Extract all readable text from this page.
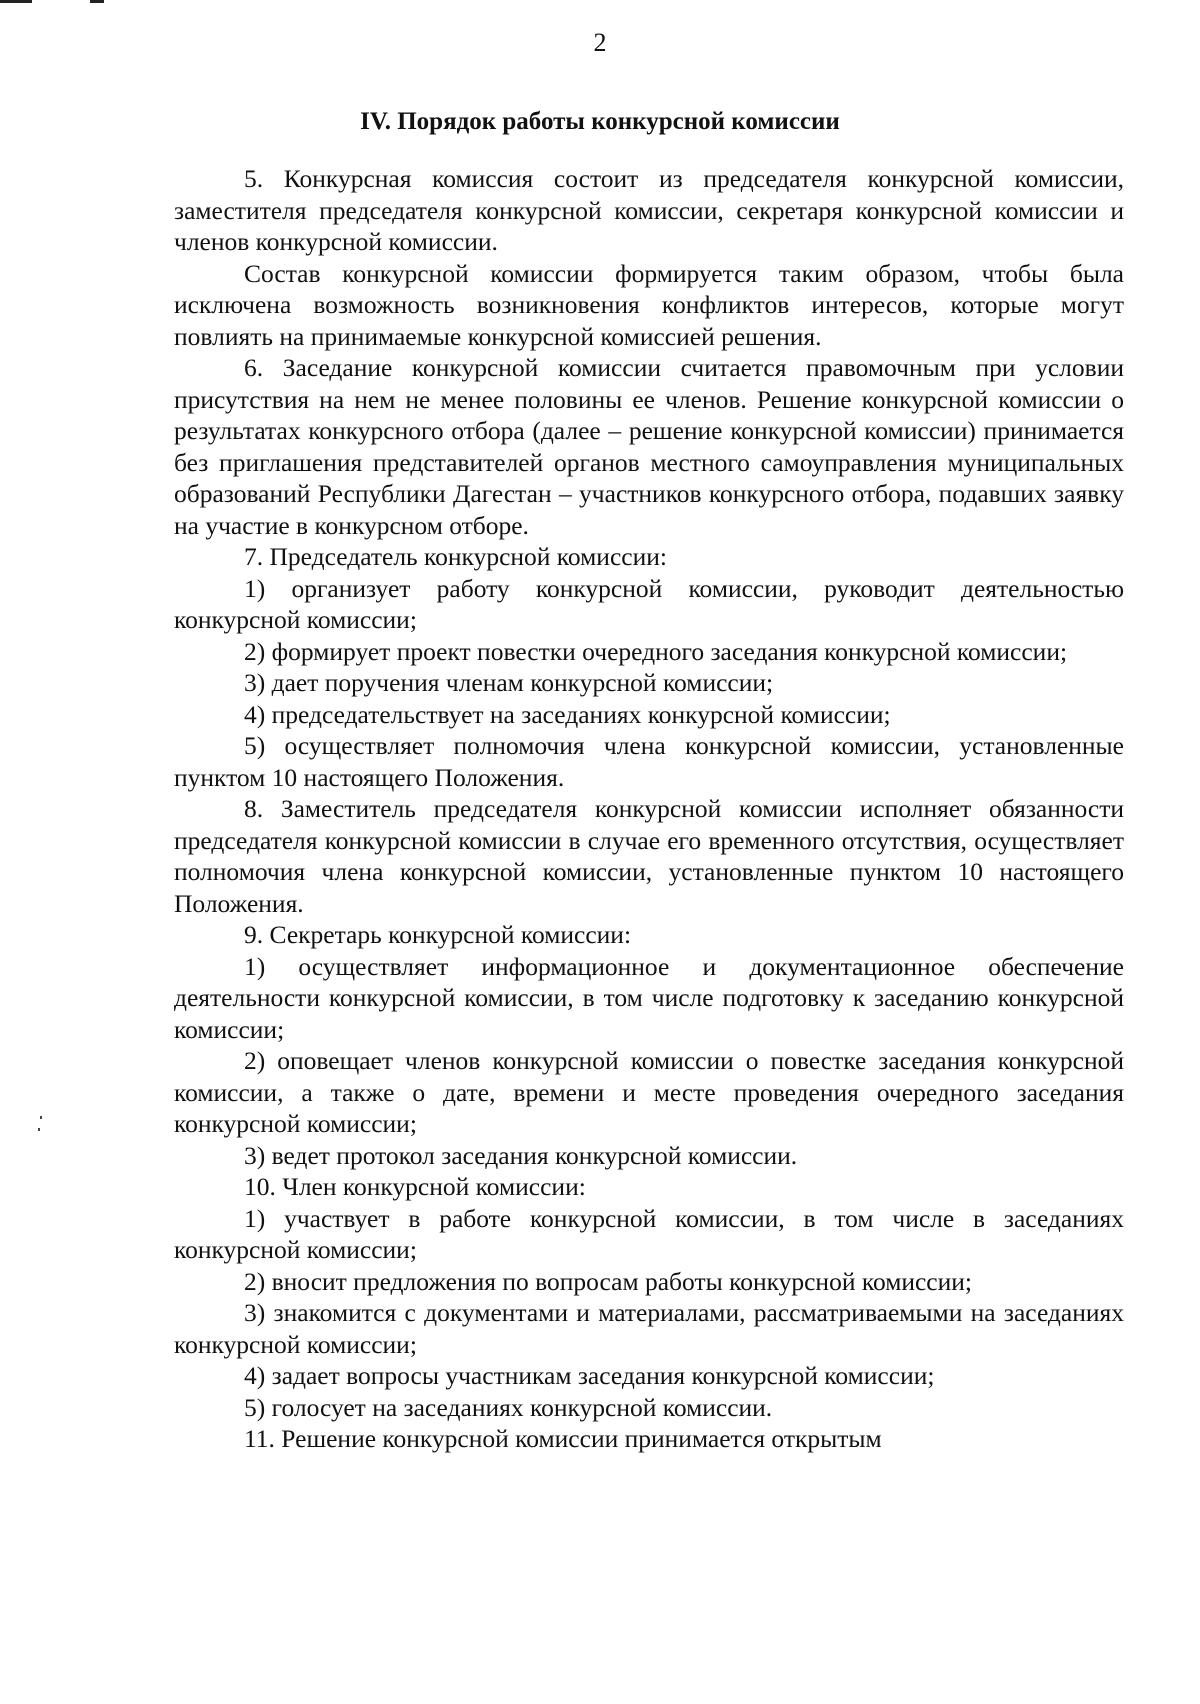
2
IV. Порядок работы конкурсной комиссии

5. Конкурсная комиссия состоит из председателя конкурсной комиссии, заместителя председателя конкурсной комиссии, секретаря конкурсной комиссии и членов конкурсной комиссии.

Состав конкурсной комиссии формируется таким образом, чтобы была исключена возможность возникновения конфликтов интересов, которые могут повлиять на принимаемые конкурсной комиссией решения.

6. Заседание конкурсной комиссии считается правомочным при условии присутствия на нем не менее половины ее членов. Решение конкурсной комиссии о результатах конкурсного отбора (далее – решение конкурсной комиссии) принимается без приглашения представителей органов местного самоуправления муниципальных образований Республики Дагестан – участников конкурсного отбора, подавших заявку на участие в конкурсном отборе.

7. Председатель конкурсной комиссии:

1) организует работу конкурсной комиссии, руководит деятельностью конкурсной комиссии;

2) формирует проект повестки очередного заседания конкурсной комиссии;

3) дает поручения членам конкурсной комиссии;

4) председательствует на заседаниях конкурсной комиссии;

5) осуществляет полномочия члена конкурсной комиссии, установленные пунктом 10 настоящего Положения.

8. Заместитель председателя конкурсной комиссии исполняет обязанности председателя конкурсной комиссии в случае его временного отсутствия, осуществляет полномочия члена конкурсной комиссии, установленные пунктом 10 настоящего Положения.

9. Секретарь конкурсной комиссии:

1) осуществляет информационное и документационное обеспечение деятельности конкурсной комиссии, в том числе подготовку к заседанию конкурсной комиссии;

2) оповещает членов конкурсной комиссии о повестке заседания конкурсной комиссии, а также о дате, времени и месте проведения очередного заседания конкурсной комиссии;

3) ведет протокол заседания конкурсной комиссии.

10. Член конкурсной комиссии:

1) участвует в работе конкурсной комиссии, в том числе в заседаниях конкурсной комиссии;

2) вносит предложения по вопросам работы конкурсной комиссии;

3) знакомится с документами и материалами, рассматриваемыми на заседаниях конкурсной комиссии;

4) задает вопросы участникам заседания конкурсной комиссии;

5) голосует на заседаниях конкурсной комиссии.

11. Решение конкурсной комиссии принимается открытым
